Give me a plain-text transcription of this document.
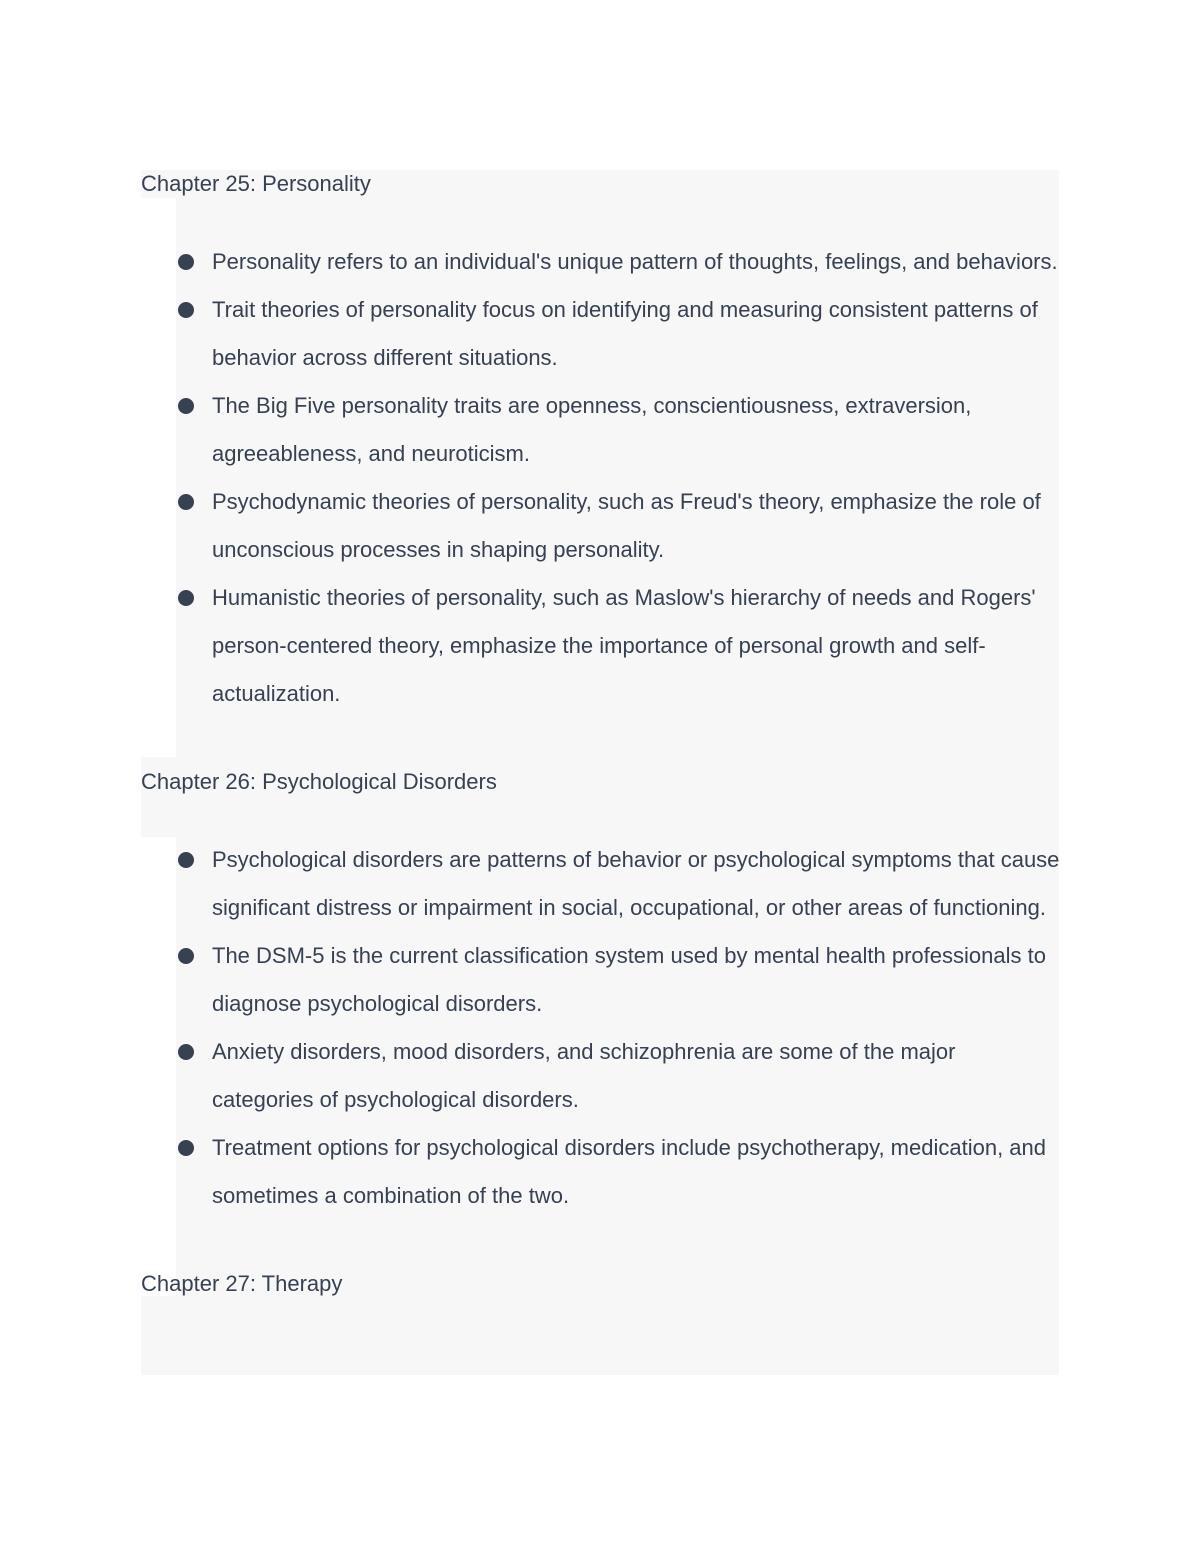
Chapter 25: Personality
Personality refers to an individual's unique pattern of thoughts, feelings, and behaviors.
Trait theories of personality focus on identifying and measuring consistent patterns of behavior across different situations.
The Big Five personality traits are openness, conscientiousness, extraversion, agreeableness, and neuroticism.
Psychodynamic theories of personality, such as Freud's theory, emphasize the role of unconscious processes in shaping personality.
Humanistic theories of personality, such as Maslow's hierarchy of needs and Rogers' person-centered theory, emphasize the importance of personal growth and self-actualization.
Chapter 26: Psychological Disorders
Psychological disorders are patterns of behavior or psychological symptoms that cause significant distress or impairment in social, occupational, or other areas of functioning.
The DSM-5 is the current classification system used by mental health professionals to diagnose psychological disorders.
Anxiety disorders, mood disorders, and schizophrenia are some of the major categories of psychological disorders.
Treatment options for psychological disorders include psychotherapy, medication, and sometimes a combination of the two.
Chapter 27: Therapy
